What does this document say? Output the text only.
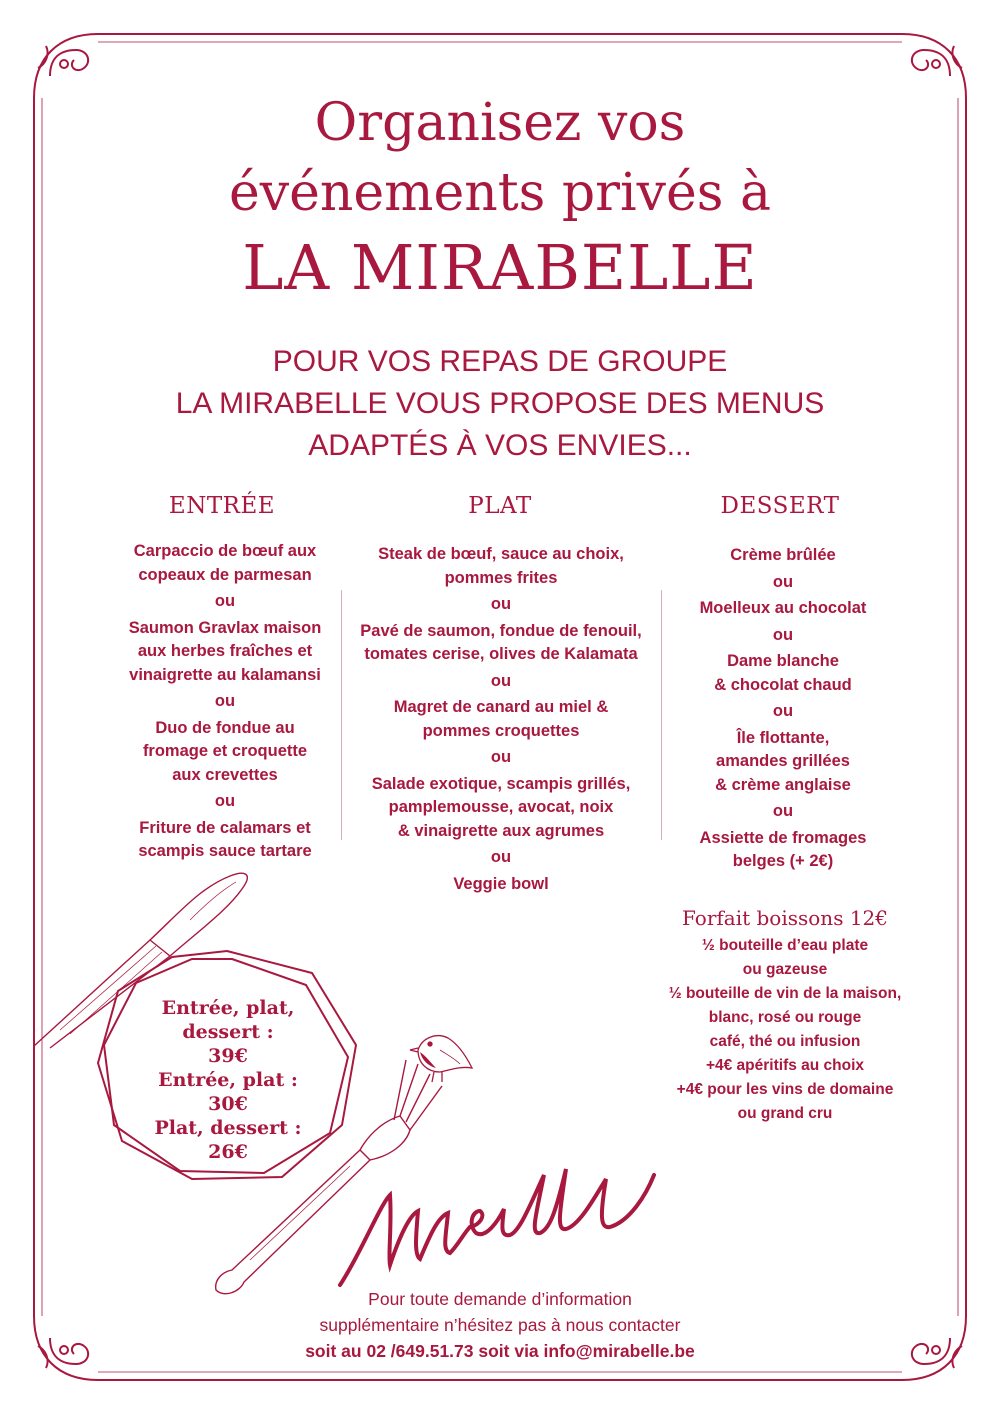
Organisez vos
événements privés à
LA MIRABELLE
POUR VOS REPAS DE GROUPE
LA MIRABELLE VOUS PROPOSE DES MENUS
ADAPTÉS À VOS ENVIES...
ENTRÉE	PLAT	DESSERT
Carpaccio de bœuf aux
copeaux de parmesan
ou
Saumon Gravlax maison
aux herbes fraîches et
vinaigrette au kalamansi
ou
Duo de fondue au
fromage et croquette
aux crevettes
ou
Friture de calamars et
scampis sauce tartare
Steak de bœuf, sauce au choix,
pommes frites
ou
Pavé de saumon, fondue de fenouil,
tomates cerise, olives de Kalamata
ou
Magret de canard au miel &
pommes croquettes
ou
Salade exotique, scampis grillés,
pamplemousse, avocat, noix
& vinaigrette aux agrumes
ou
Veggie bowl
Crème brûlée
ou
Moelleux au chocolat
ou
Dame blanche
& chocolat chaud
ou
Île flottante,
amandes grillées
& crème anglaise
ou
Assiette de fromages
belges (+ 2€)
Forfait boissons 12€
½ bouteille d’eau plate
ou gazeuse
½ bouteille de vin de la maison,
blanc, rosé ou rouge
café, thé ou infusion
+4€ apéritifs au choix
+4€ pour les vins de domaine
ou grand cru
Entrée, plat,
dessert :
39€
Entrée, plat :
30€
Plat, dessert :
26€
Pour toute demande d’information
supplémentaire n’hésitez pas à nous contacter
soit au 02 /649.51.73 soit via info@mirabelle.be
